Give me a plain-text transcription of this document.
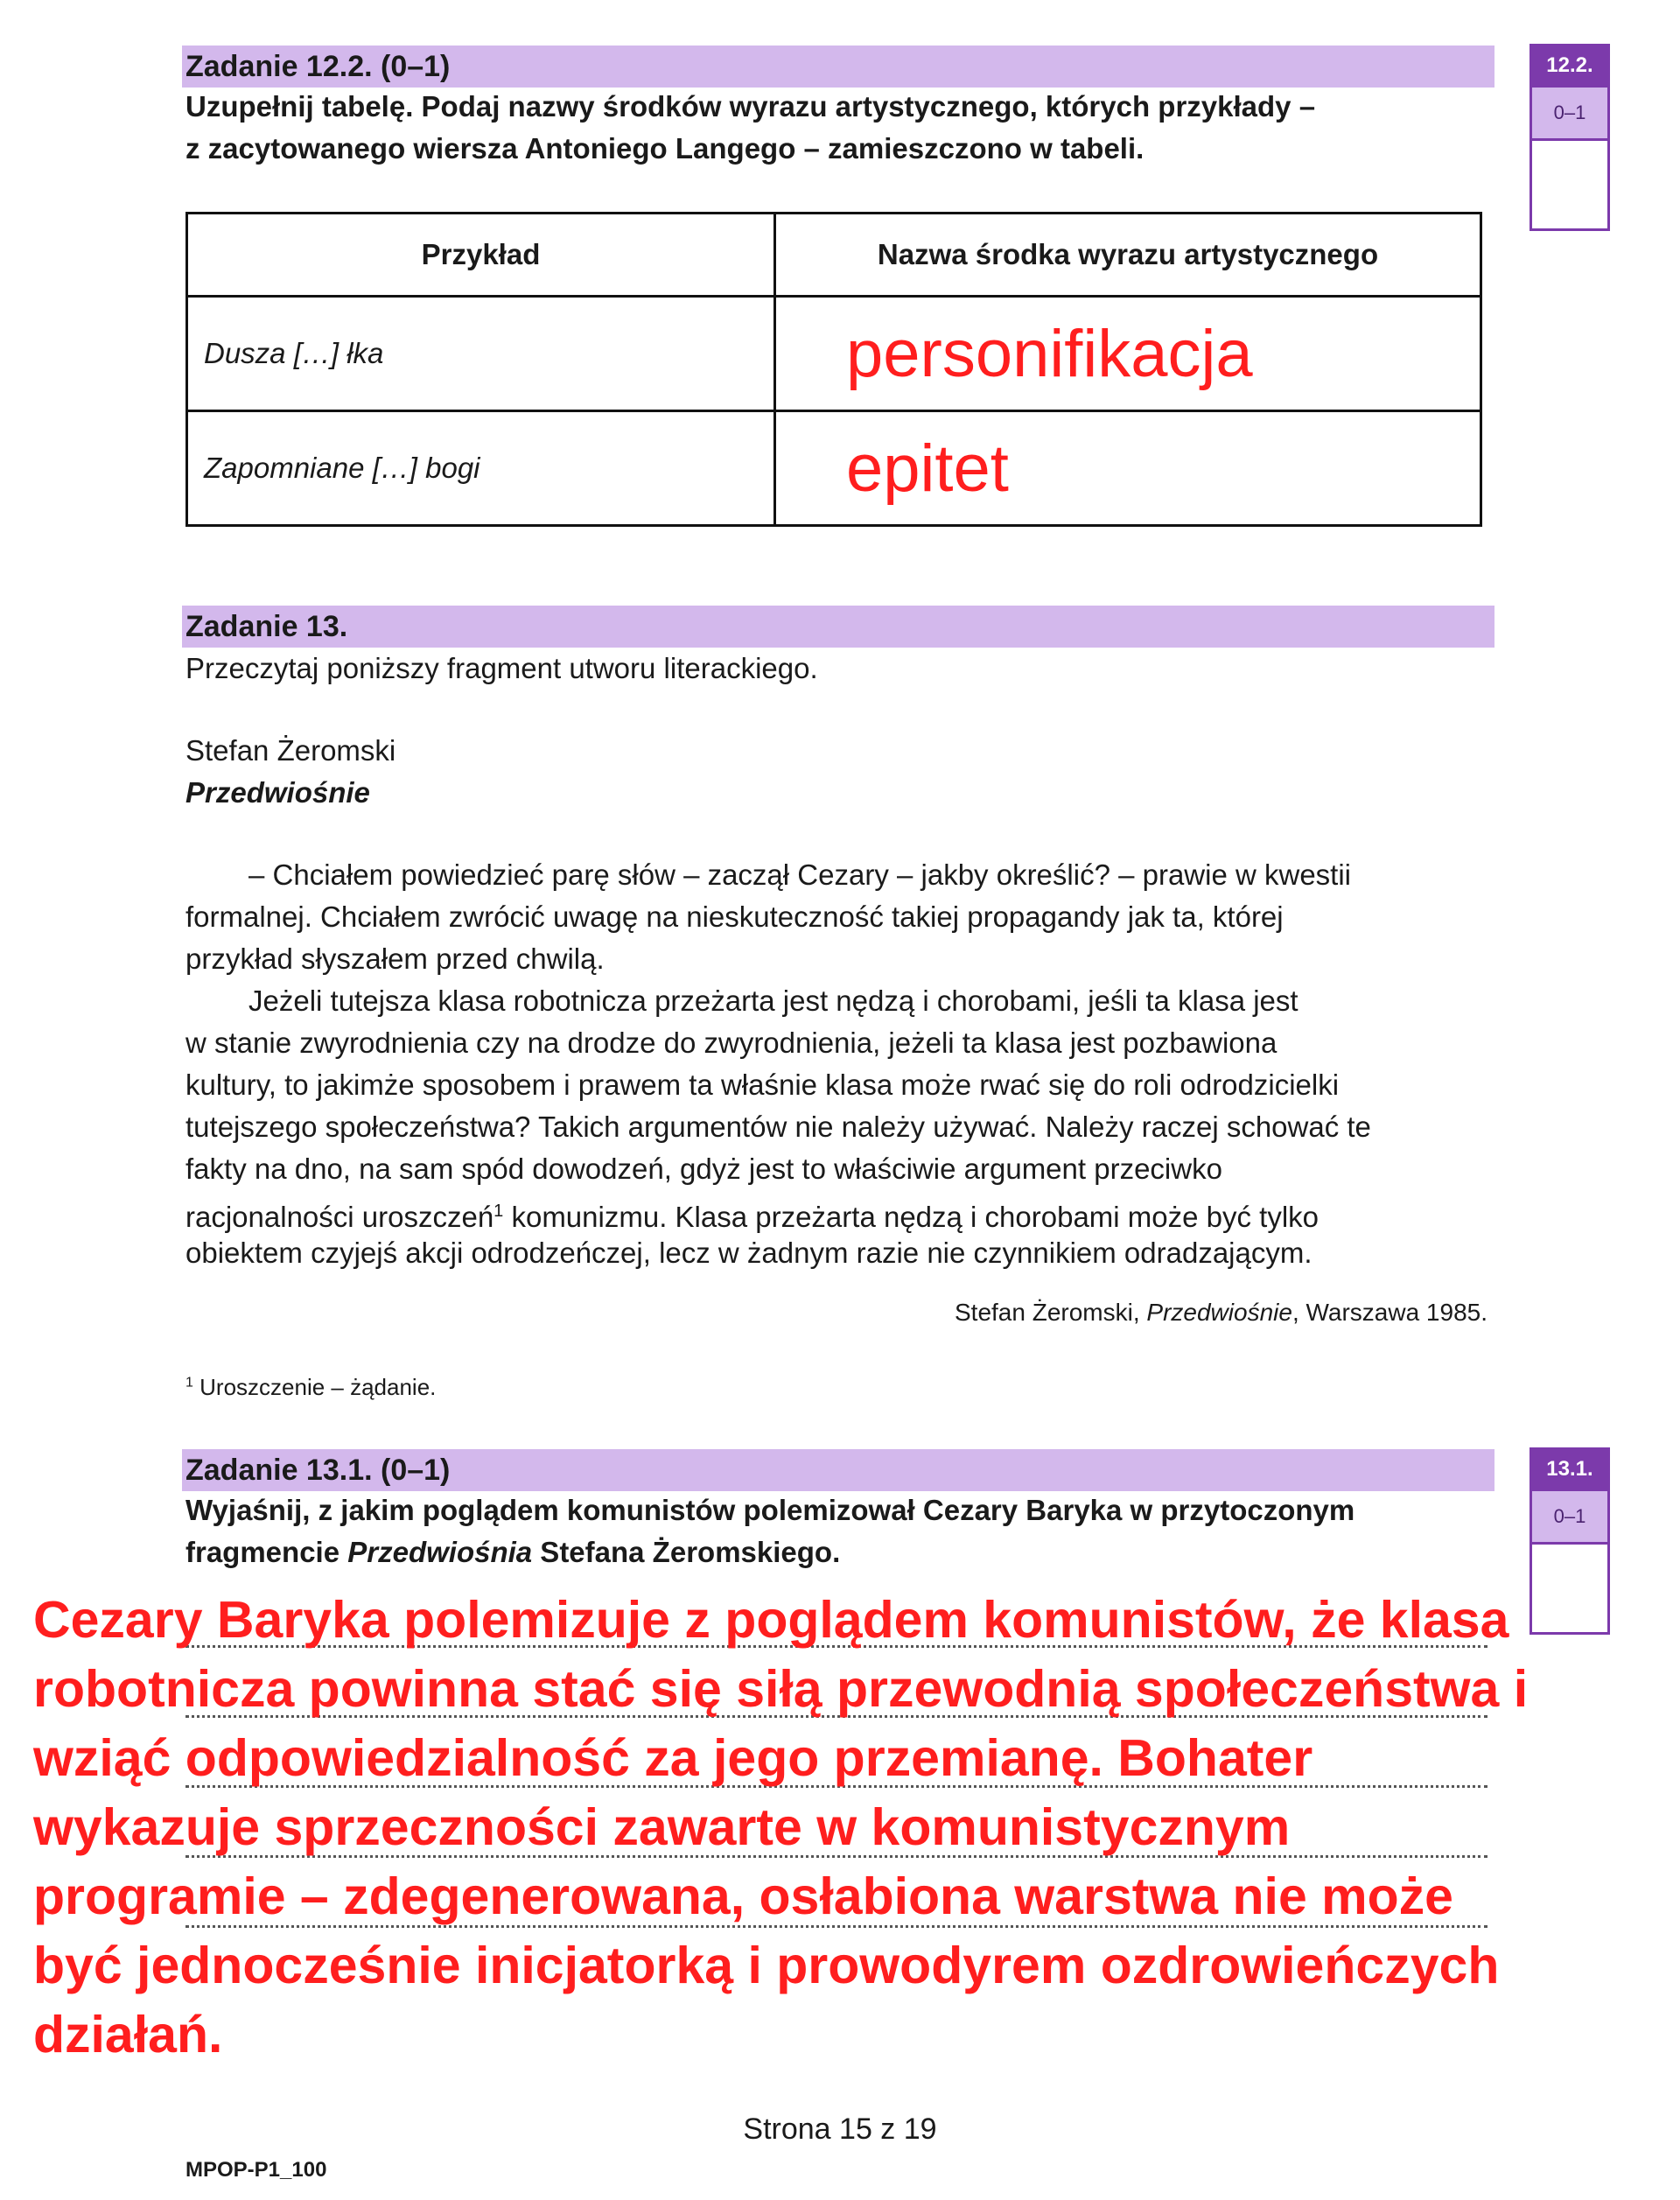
Zadanie 12.2. (0–1)
Uzupełnij tabelę. Podaj nazwy środków wyrazu artystycznego, których przykłady –
z zacytowanego wiersza Antoniego Langego – zamieszczono w tabeli.
12.2.
0–1
Przykład	Nazwa środka wyrazu artystycznego
Dusza […] łka	personifikacja
Zapomniane […] bogi	epitet
Zadanie 13.
Przeczytaj poniższy fragment utworu literackiego.
Stefan Żeromski
Przedwiośnie
– Chciałem powiedzieć parę słów – zaczął Cezary – jakby określić? – prawie w kwestii
formalnej. Chciałem zwrócić uwagę na nieskuteczność takiej propagandy jak ta, której
przykład słyszałem przed chwilą.
Jeżeli tutejsza klasa robotnicza przeżarta jest nędzą i chorobami, jeśli ta klasa jest
w stanie zwyrodnienia czy na drodze do zwyrodnienia, jeżeli ta klasa jest pozbawiona
kultury, to jakimże sposobem i prawem ta właśnie klasa może rwać się do roli odrodzicielki
tutejszego społeczeństwa? Takich argumentów nie należy używać. Należy raczej schować te
fakty na dno, na sam spód dowodzeń, gdyż jest to właściwie argument przeciwko
racjonalności uroszczeń$^1$ komunizmu. Klasa przeżarta nędzą i chorobami może być tylko
obiektem czyjejś akcji odrodzeńczej, lecz w żadnym razie nie czynnikiem odradzającym.
Stefan Żeromski, Przedwiośnie, Warszawa 1985.
$^1$ Uroszczenie – żądanie.
Zadanie 13.1. (0–1)
Wyjaśnij, z jakim poglądem komunistów polemizował Cezary Baryka w przytoczonym
fragmencie Przedwiośnia Stefana Żeromskiego.
13.1.
0–1
Cezary Baryka polemizuje z poglądem komunistów, że klasa
robotnicza powinna stać się siłą przewodnią społeczeństwa i
wziąć odpowiedzialność za jego przemianę. Bohater
wykazuje sprzeczności zawarte w komunistycznym
programie – zdegenerowana, osłabiona warstwa nie może
być jednocześnie inicjatorką i prowodyrem ozdrowieńczych
działań.
Strona 15 z 19
MPOP-P1_100
